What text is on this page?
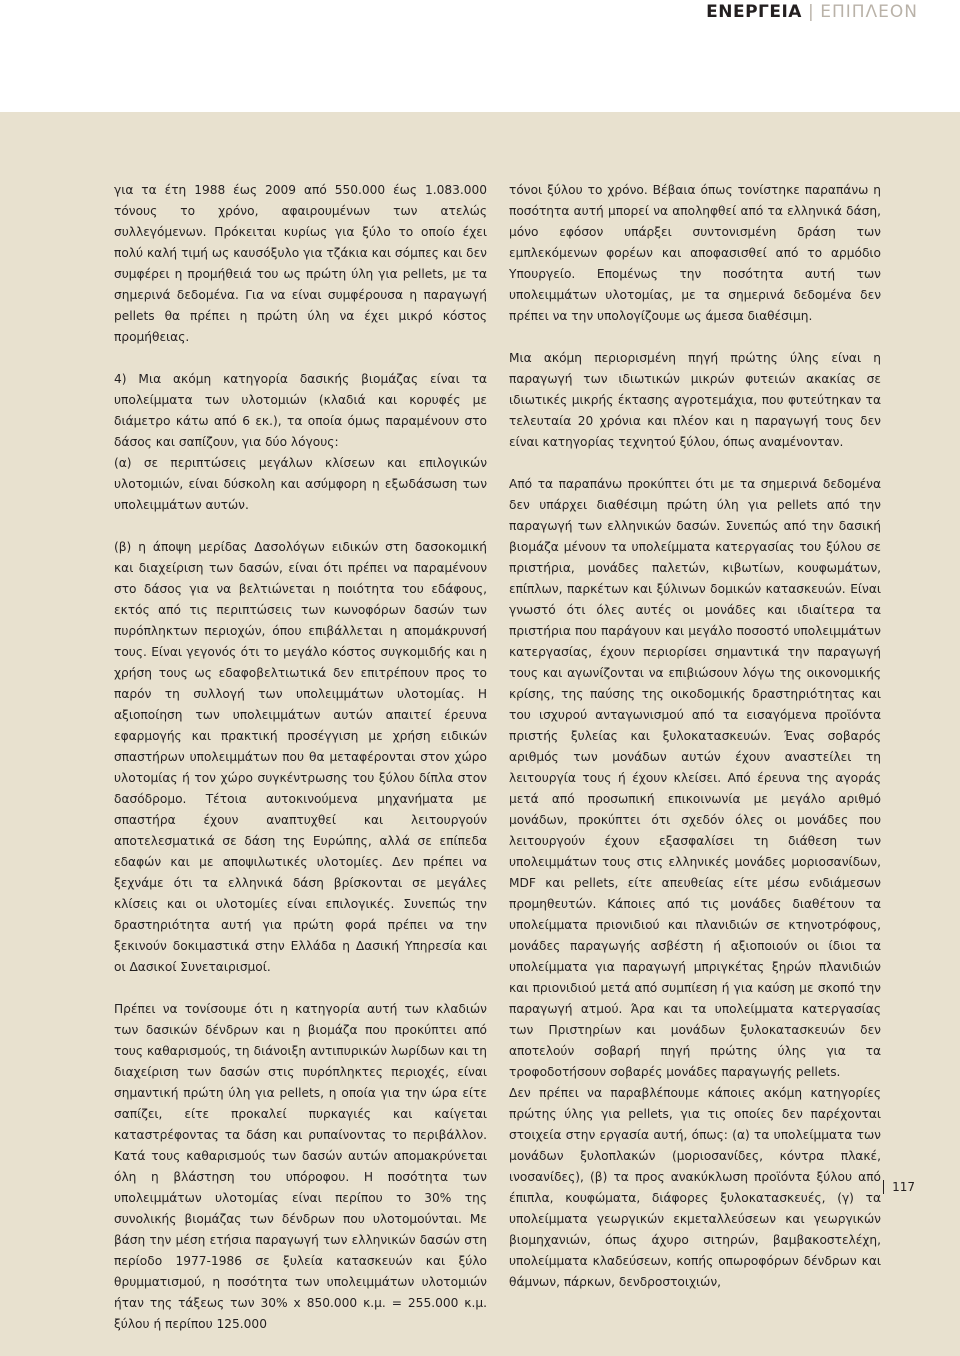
ΕΝΕΡΓΕΙΑ | ΕΠΙΠΛΕΟΝ

για τα έτη 1988 έως 2009 από 550.000 έως 1.083.000 τόνους το χρόνο, αφαιρουμένων των ατελώς συλλεγόμενων. Πρόκειται κυρίως για ξύλο το οποίο έχει πολύ καλή τιμή ως καυσόξυλο για τζάκια και σόμπες και δεν συμφέρει η προμήθειά του ως πρώτη ύλη για pellets, με τα σημερινά δεδομένα. Για να είναι συμφέρουσα η παραγωγή pellets θα πρέπει η πρώτη ύλη να έχει μικρό κόστος προμήθειας.

4) Μια ακόμη κατηγορία δασικής βιομάζας είναι τα υπολείμματα των υλοτομιών (κλαδιά και κορυφές με διάμετρο κάτω από 6 εκ.), τα οποία όμως παραμένουν στο δάσος και σαπίζουν, για δύο λόγους:

(α) σε περιπτώσεις μεγάλων κλίσεων και επιλογικών υλοτομιών, είναι δύσκολη και ασύμφορη η εξωδάσωση των υπολειμμάτων αυτών.

(β) η άποψη μερίδας Δασολόγων ειδικών στη δασοκομική και διαχείριση των δασών, είναι ότι πρέπει να παραμένουν στο δάσος για να βελτιώνεται η ποιότητα του εδάφους, εκτός από τις περιπτώσεις των κωνοφόρων δασών των πυρόπληκτων περιοχών, όπου επιβάλλεται η απομάκρυνσή τους. Είναι γεγονός ότι το μεγάλο κόστος συγκομιδής και η χρήση τους ως εδαφοβελτιωτικά δεν επιτρέπουν προς το παρόν τη συλλογή των υπολειμμάτων υλοτομίας. Η αξιοποίηση των υπολειμμάτων αυτών απαιτεί έρευνα εφαρμογής και πρακτική προσέγγιση με χρήση ειδικών σπαστήρων υπολειμμάτων που θα μεταφέρονται στον χώρο υλοτομίας ή τον χώρο συγκέντρωσης του ξύλου δίπλα στον δασόδρομο. Τέτοια αυτοκινούμενα μηχανήματα με σπαστήρα έχουν αναπτυχθεί και λειτουργούν αποτελεσματικά σε δάση της Ευρώπης, αλλά σε επίπεδα εδαφών και με αποψιλωτικές υλοτομίες. Δεν πρέπει να ξεχνάμε ότι τα ελληνικά δάση βρίσκονται σε μεγάλες κλίσεις και οι υλοτομίες είναι επιλογικές. Συνεπώς την δραστηριότητα αυτή για πρώτη φορά πρέπει να την ξεκινούν δοκιμαστικά στην Ελλάδα η Δασική Υπηρεσία και οι Δασικοί Συνεταιρισμοί.

Πρέπει να τονίσουμε ότι η κατηγορία αυτή των κλαδιών των δασικών δένδρων και η βιομάζα που προκύπτει από τους καθαρισμούς, τη διάνοιξη αντιπυρικών λωρίδων και τη διαχείριση των δασών στις πυρόπληκτες περιοχές, είναι σημαντική πρώτη ύλη για pellets, η οποία για την ώρα είτε σαπίζει, είτε προκαλεί πυρκαγιές και καίγεται καταστρέφοντας τα δάση και ρυπαίνοντας το περιβάλλον. Κατά τους καθαρισμούς των δασών αυτών απομακρύνεται όλη η βλάστηση του υπόροφου. Η ποσότητα των υπολειμμάτων υλοτομίας είναι περίπου το 30% της συνολικής βιομάζας των δένδρων που υλοτομούνται. Με βάση την μέση ετήσια παραγωγή των ελληνικών δασών στη περίοδο 1977-1986 σε ξυλεία κατασκευών και ξύλο θρυμματισμού, η ποσότητα των υπολειμμάτων υλοτομιών ήταν της τάξεως των 30% x 850.000 κ.μ. = 255.000 κ.μ. ξύλου ή περίπου 125.000

τόνοι ξύλου το χρόνο. Βέβαια όπως τονίστηκε παραπάνω η ποσότητα αυτή μπορεί να αποληφθεί από τα ελληνικά δάση, μόνο εφόσον υπάρξει συντονισμένη δράση των εμπλεκόμενων φορέων και αποφασισθεί από το αρμόδιο Υπουργείο. Επομένως την ποσότητα αυτή των υπολειμμάτων υλοτομίας, με τα σημερινά δεδομένα δεν πρέπει να την υπολογίζουμε ως άμεσα διαθέσιμη.

Μια ακόμη περιορισμένη πηγή πρώτης ύλης είναι η παραγωγή των ιδιωτικών μικρών φυτειών ακακίας σε ιδιωτικές μικρής έκτασης αγροτεμάχια, που φυτεύτηκαν τα τελευταία 20 χρόνια και πλέον και η παραγωγή τους δεν είναι κατηγορίας τεχνητού ξύλου, όπως αναμένονταν.

Από τα παραπάνω προκύπτει ότι με τα σημερινά δεδομένα δεν υπάρχει διαθέσιμη πρώτη ύλη για pellets από την παραγωγή των ελληνικών δασών. Συνεπώς από την δασική βιομάζα μένουν τα υπολείμματα κατεργασίας του ξύλου σε πριστήρια, μονάδες παλετών, κιβωτίων, κουφωμάτων, επίπλων, παρκέτων και ξύλινων δομικών κατασκευών. Είναι γνωστό ότι όλες αυτές οι μονάδες και ιδιαίτερα τα πριστήρια που παράγουν και μεγάλο ποσοστό υπολειμμάτων κατεργασίας, έχουν περιορίσει σημαντικά την παραγωγή τους και αγωνίζονται να επιβιώσουν λόγω της οικονομικής κρίσης, της παύσης της οικοδομικής δραστηριότητας και του ισχυρού ανταγωνισμού από τα εισαγόμενα προϊόντα πριστής ξυλείας και ξυλοκατασκευών. Ένας σοβαρός αριθμός των μονάδων αυτών έχουν αναστείλει τη λειτουργία τους ή έχουν κλείσει. Από έρευνα της αγοράς μετά από προσωπική επικοινωνία με μεγάλο αριθμό μονάδων, προκύπτει ότι σχεδόν όλες οι μονάδες που λειτουργούν έχουν εξασφαλίσει τη διάθεση των υπολειμμάτων τους στις ελληνικές μονάδες μοριοσανίδων, MDF και pellets, είτε απευθείας είτε μέσω ενδιάμεσων προμηθευτών. Κάποιες από τις μονάδες διαθέτουν τα υπολείμματα πριονιδιού και πλανιδιών σε κτηνοτρόφους, μονάδες παραγωγής ασβέστη ή αξιοποιούν οι ίδιοι τα υπολείμματα για παραγωγή μπριγκέτας ξηρών πλανιδιών και πριονιδιού μετά από συμπίεση ή για καύση με σκοπό την παραγωγή ατμού. Άρα και τα υπολείμματα κατεργασίας των Πριστηρίων και μονάδων ξυλοκατασκευών δεν αποτελούν σοβαρή πηγή πρώτης ύλης για τα τροφοδοτήσουν σοβαρές μονάδες παραγωγής pellets.

Δεν πρέπει να παραβλέπουμε κάποιες ακόμη κατηγορίες πρώτης ύλης για pellets, για τις οποίες δεν παρέχονται στοιχεία στην εργασία αυτή, όπως: (α) τα υπολείμματα των μονάδων ξυλοπλακών (μοριοσανίδες, κόντρα πλακέ, ινοσανίδες), (β) τα προς ανακύκλωση προϊόντα ξύλου από έπιπλα, κουφώματα, διάφορες ξυλοκατασκευές, (γ) τα υπολείμματα γεωργικών εκμεταλλεύσεων και γεωργικών βιομηχανιών, όπως άχυρο σιτηρών, βαμβακοστελέχη, υπολείμματα κλαδεύσεων, κοπής οπωροφόρων δένδρων και θάμνων, πάρκων, δενδροστοιχιών,

117
